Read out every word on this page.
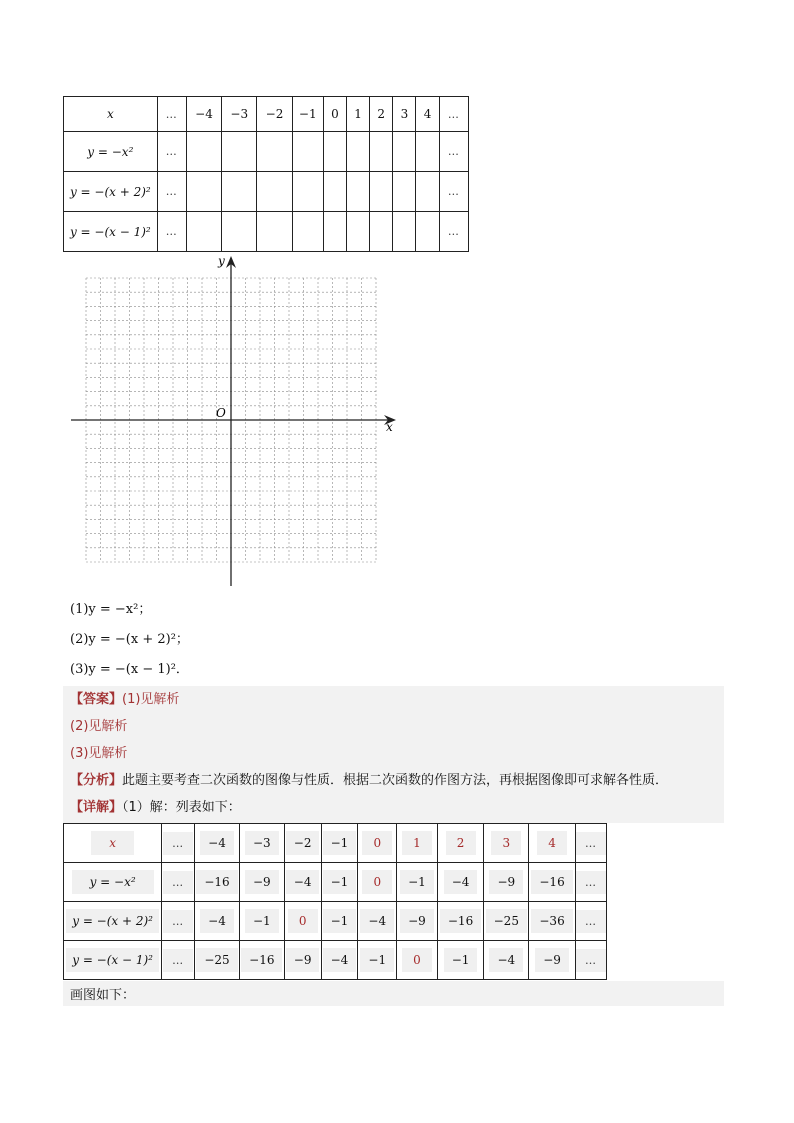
x	…	−4	−3	−2	−1	0	1	2	3	4	…
y = −x²	…										…
y = −(x + 2)²	…										…
y = −(x − 1)²	…										…
y
x
O
(1)y = −x²；
(2)y = −(x + 2)²；
(3)y = −(x − 1)²．
【答案】(1)见解析
(2)见解析
(3)见解析
【分析】此题主要考查二次函数的图像与性质．根据二次函数的作图方法，再根据图像即可求解各性质．
【详解】（1）解：列表如下：
x	…	−4	−3	−2	−1	0	1	2	3	4	…
y = −x²	…	−16	−9	−4	−1	0	−1	−4	−9	−16	…
y = −(x + 2)²	…	−4	−1	0	−1	−4	−9	−16	−25	−36	…
y = −(x − 1)²	…	−25	−16	−9	−4	−1	0	−1	−4	−9	…
画图如下：
